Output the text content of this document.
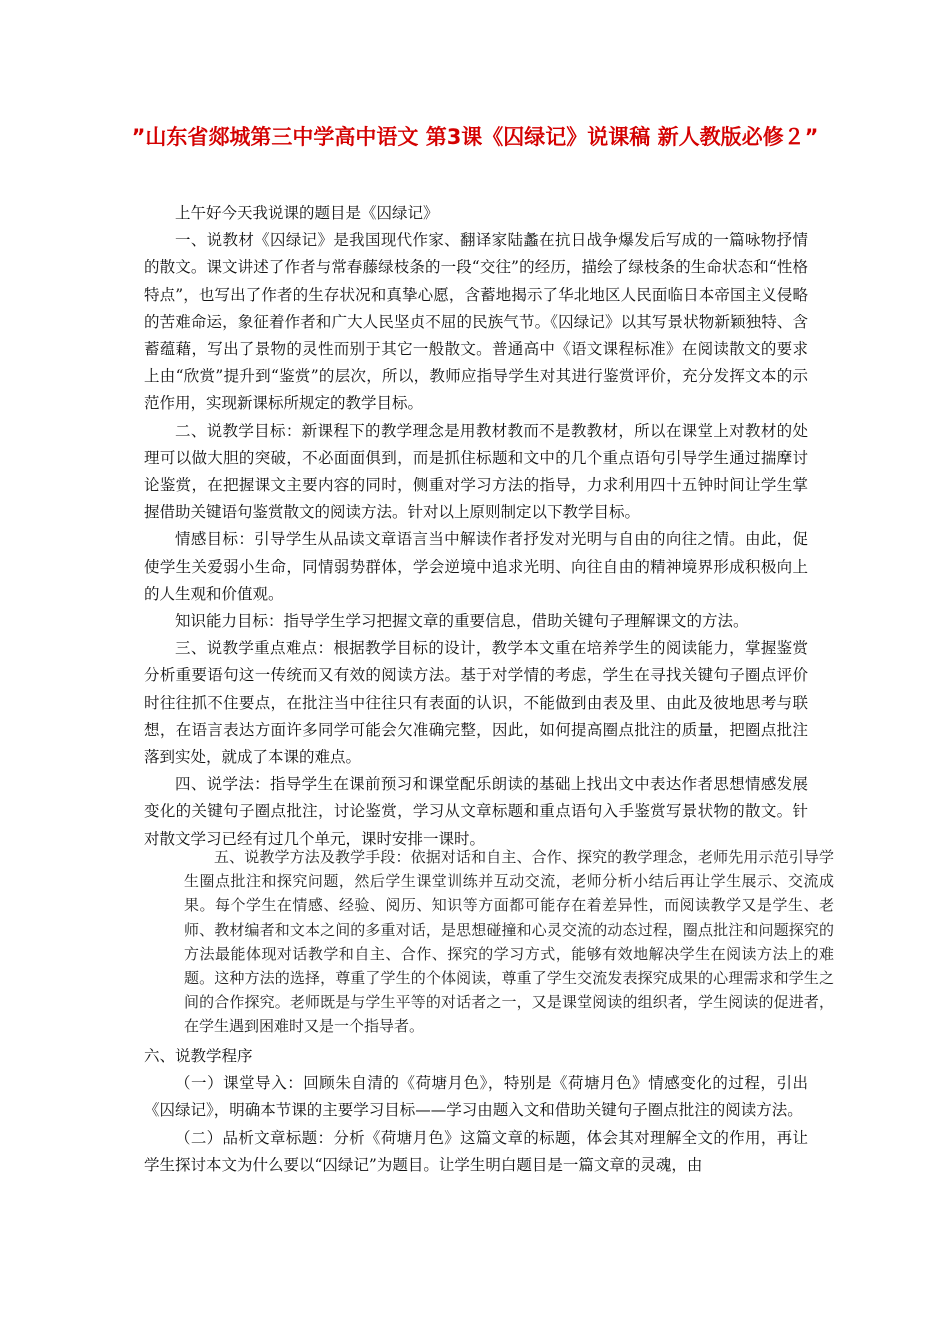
”山东省郯城第三中学高中语文 第3课《囚绿记》说课稿 新人教版必修２”

上午好今天我说课的题目是《囚绿记》

一、说教材《囚绿记》是我国现代作家、翻译家陆蠡在抗日战争爆发后写成的一篇咏物抒情的散文。课文讲述了作者与常春藤绿枝条的一段“交往”的经历，描绘了绿枝条的生命状态和“性格特点”，也写出了作者的生存状况和真挚心愿，含蓄地揭示了华北地区人民面临日本帝国主义侵略的苦难命运，象征着作者和广大人民坚贞不屈的民族气节。《囚绿记》以其写景状物新颖独特、含蓄蕴藉，写出了景物的灵性而别于其它一般散文。普通高中《语文课程标准》在阅读散文的要求上由“欣赏”提升到“鉴赏”的层次，所以，教师应指导学生对其进行鉴赏评价，充分发挥文本的示范作用，实现新课标所规定的教学目标。

二、说教学目标：新课程下的教学理念是用教材教而不是教教材，所以在课堂上对教材的处理可以做大胆的突破，不必面面俱到，而是抓住标题和文中的几个重点语句引导学生通过揣摩讨论鉴赏，在把握课文主要内容的同时，侧重对学习方法的指导，力求利用四十五钟时间让学生掌握借助关键语句鉴赏散文的阅读方法。针对以上原则制定以下教学目标。

情感目标：引导学生从品读文章语言当中解读作者抒发对光明与自由的向往之情。由此，促使学生关爱弱小生命，同情弱势群体，学会逆境中追求光明、向往自由的精神境界形成积极向上的人生观和价值观。

知识能力目标：指导学生学习把握文章的重要信息，借助关键句子理解课文的方法。

三、说教学重点难点：根据教学目标的设计，教学本文重在培养学生的阅读能力，掌握鉴赏分析重要语句这一传统而又有效的阅读方法。基于对学情的考虑，学生在寻找关键句子圈点评价时往往抓不住要点，在批注当中往往只有表面的认识，不能做到由表及里、由此及彼地思考与联想，在语言表达方面许多同学可能会欠准确完整，因此，如何提高圈点批注的质量，把圈点批注落到实处，就成了本课的难点。

四、说学法：指导学生在课前预习和课堂配乐朗读的基础上找出文中表达作者思想情感发展变化的关键句子圈点批注，讨论鉴赏，学习从文章标题和重点语句入手鉴赏写景状物的散文。针对散文学习已经有过几个单元，课时安排一课时。

五、说教学方法及教学手段：依据对话和自主、合作、探究的教学理念，老师先用示范引导学生圈点批注和探究问题，然后学生课堂训练并互动交流，老师分析小结后再让学生展示、交流成果。每个学生在情感、经验、阅历、知识等方面都可能存在着差异性，而阅读教学又是学生、老师、教材编者和文本之间的多重对话，是思想碰撞和心灵交流的动态过程，圈点批注和问题探究的方法最能体现对话教学和自主、合作、探究的学习方式，能够有效地解决学生在阅读方法上的难题。这种方法的选择，尊重了学生的个体阅读，尊重了学生交流发表探究成果的心理需求和学生之间的合作探究。老师既是与学生平等的对话者之一，又是课堂阅读的组织者，学生阅读的促进者，在学生遇到困难时又是一个指导者。

六、说教学程序

（一）课堂导入：回顾朱自清的《荷塘月色》，特别是《荷塘月色》情感变化的过程，引出《囚绿记》，明确本节课的主要学习目标——学习由题入文和借助关键句子圈点批注的阅读方法。

（二）品析文章标题：分析《荷塘月色》这篇文章的标题，体会其对理解全文的作用，再让学生探讨本文为什么要以“囚绿记”为题目。让学生明白题目是一篇文章的灵魂，由
